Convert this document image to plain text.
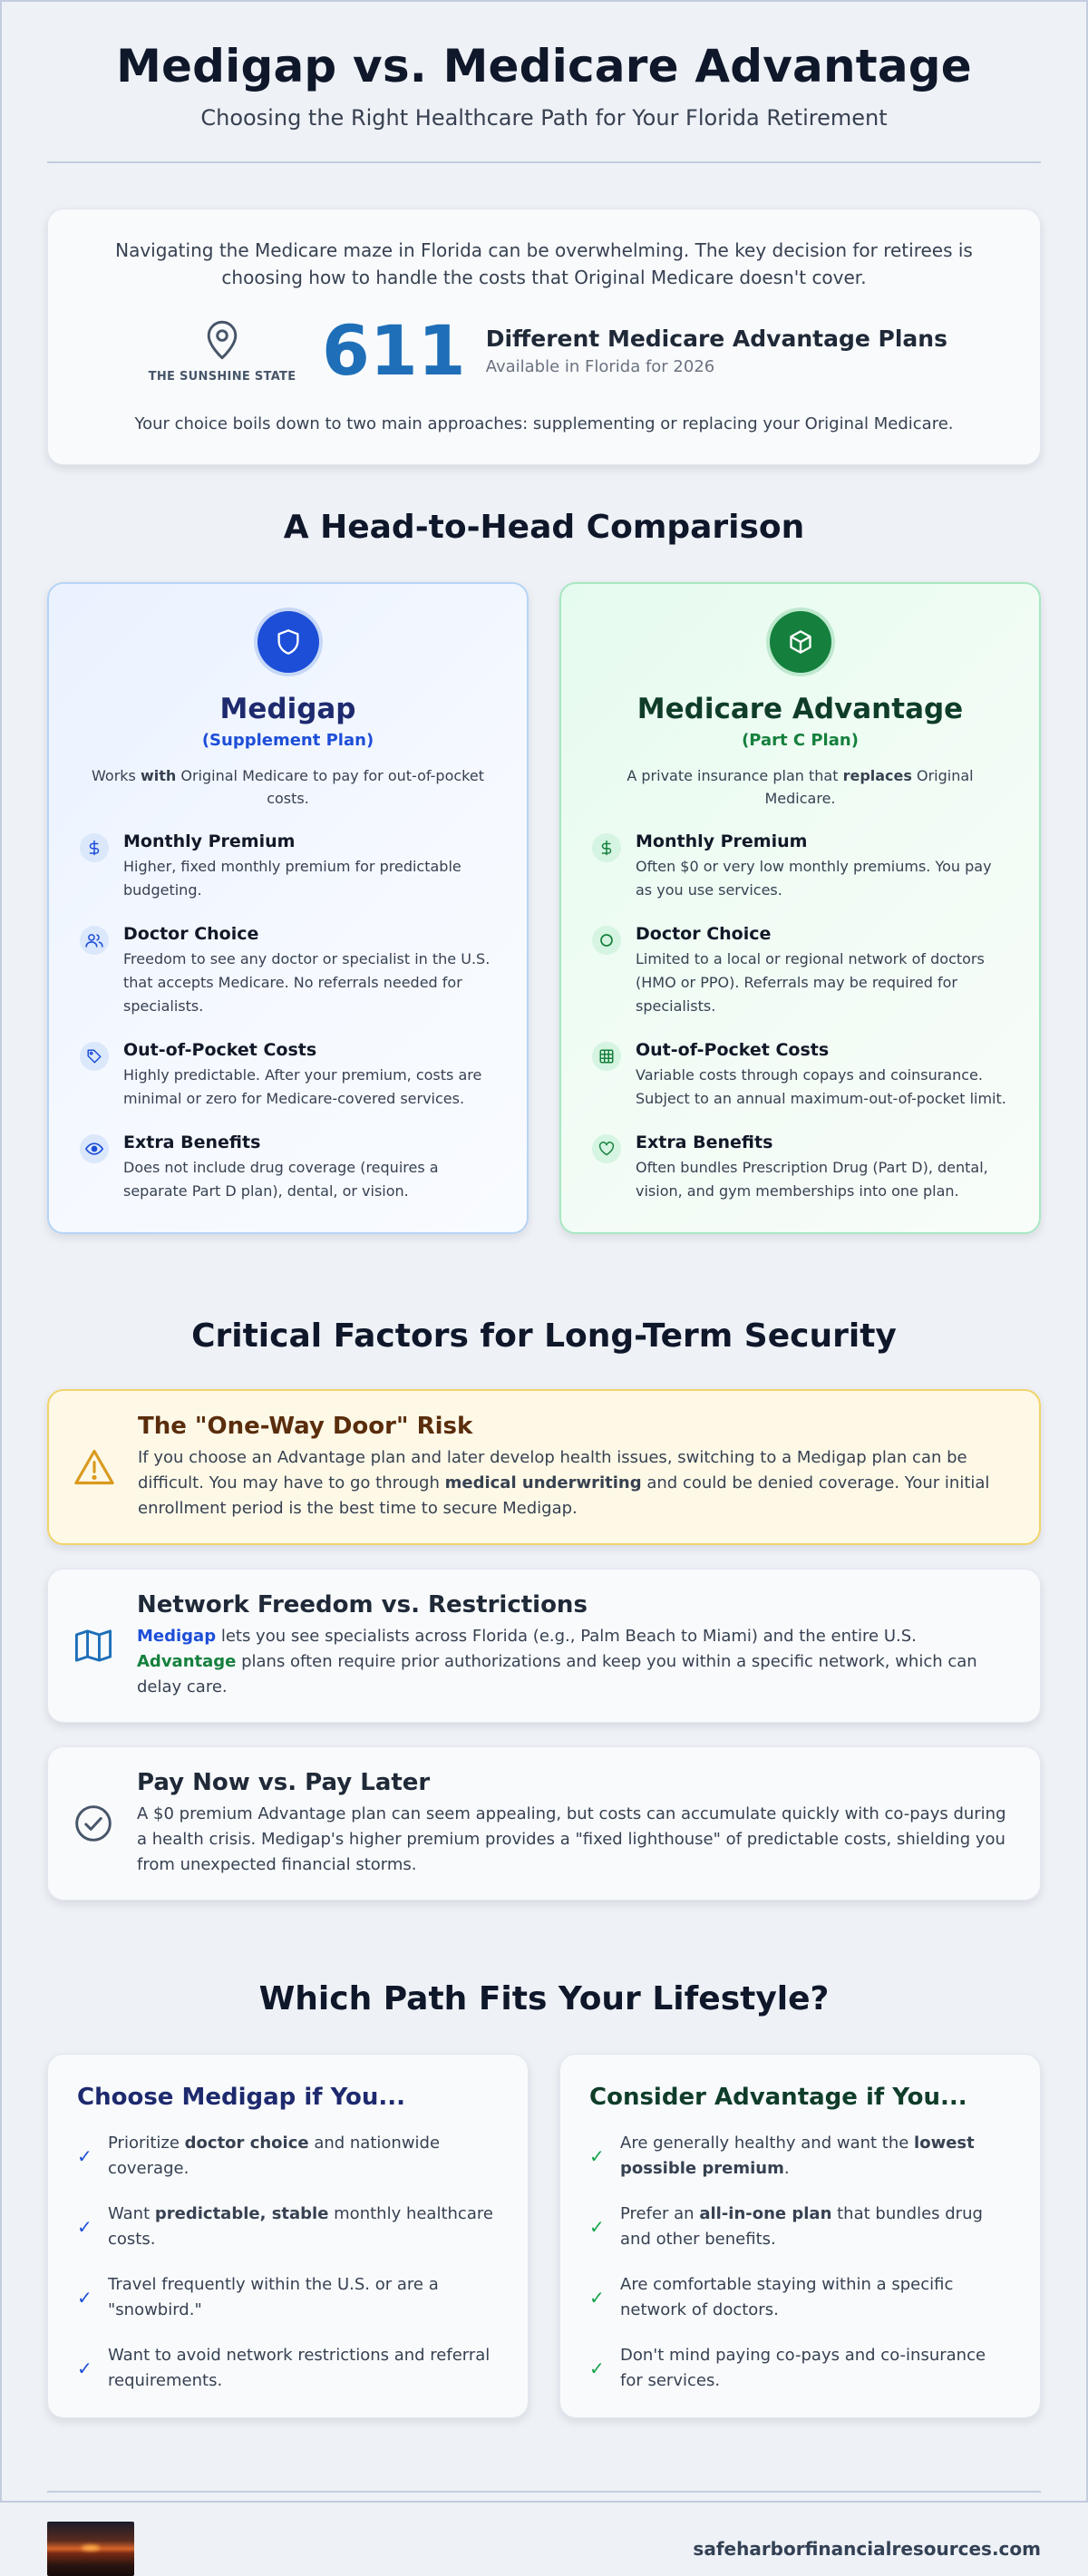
Medigap vs. Medicare Advantage
Choosing the Right Healthcare Path for Your Florida Retirement
Navigating the Medicare maze in Florida can be overwhelming. The key decision for retirees is choosing how to handle the costs that Original Medicare doesn't cover.
THE SUNSHINE STATE 611 Different Medicare Advantage Plans
Available in Florida for 2026
Your choice boils down to two main approaches: supplementing or replacing your Original Medicare.
A Head-to-Head Comparison
Medigap
(Supplement Plan)
Works with Original Medicare to pay for out-of-pocket costs.
Monthly Premium
Higher, fixed monthly premium for predictable budgeting.
Doctor Choice
Freedom to see any doctor or specialist in the U.S. that accepts Medicare. No referrals needed for specialists.
Out-of-Pocket Costs
Highly predictable. After your premium, costs are minimal or zero for Medicare-covered services.
Extra Benefits
Does not include drug coverage (requires a separate Part D plan), dental, or vision.
Medicare Advantage
(Part C Plan)
A private insurance plan that replaces Original Medicare.
Monthly Premium
Often $0 or very low monthly premiums. You pay as you use services.
Doctor Choice
Limited to a local or regional network of doctors (HMO or PPO). Referrals may be required for specialists.
Out-of-Pocket Costs
Variable costs through copays and coinsurance. Subject to an annual maximum-out-of-pocket limit.
Extra Benefits
Often bundles Prescription Drug (Part D), dental, vision, and gym memberships into one plan.
Critical Factors for Long-Term Security
The "One-Way Door" Risk
If you choose an Advantage plan and later develop health issues, switching to a Medigap plan can be difficult. You may have to go through medical underwriting and could be denied coverage. Your initial enrollment period is the best time to secure Medigap.
Network Freedom vs. Restrictions
Medigap lets you see specialists across Florida (e.g., Palm Beach to Miami) and the entire U.S. Advantage plans often require prior authorizations and keep you within a specific network, which can delay care.
Pay Now vs. Pay Later
A $0 premium Advantage plan can seem appealing, but costs can accumulate quickly with co-pays during a health crisis. Medigap's higher premium provides a "fixed lighthouse" of predictable costs, shielding you from unexpected financial storms.
Which Path Fits Your Lifestyle?
Choose Medigap if You...
✓
Prioritize doctor choice and nationwide coverage.
✓
Want predictable, stable monthly healthcare costs.
✓
Travel frequently within the U.S. or are a "snowbird."
✓
Want to avoid network restrictions and referral requirements.
Consider Advantage if You...
✓
Are generally healthy and want the lowest possible premium.
✓
Prefer an all-in-one plan that bundles drug and other benefits.
✓
Are comfortable staying within a specific network of doctors.
✓
Don't mind paying co-pays and co-insurance for services.
safeharborfinancialresources.com
